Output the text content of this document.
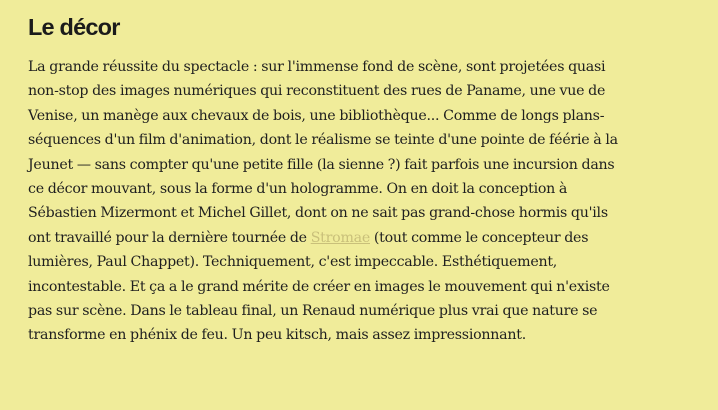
Le décor

La grande réussite du spectacle : sur l'immense fond de scène, sont projetées quasi
non-stop des images numériques qui reconstituent des rues de Paname, une vue de
Venise, un manège aux chevaux de bois, une bibliothèque... Comme de longs plans-
séquences d'un film d'animation, dont le réalisme se teinte d'une pointe de féérie à la
Jeunet — sans compter qu'une petite fille (la sienne ?) fait parfois une incursion dans
ce décor mouvant, sous la forme d'un hologramme. On en doit la conception à
Sébastien Mizermont et Michel Gillet, dont on ne sait pas grand-chose hormis qu'ils
ont travaillé pour la dernière tournée de Stromae (tout comme le concepteur des
lumières, Paul Chappet). Techniquement, c'est impeccable. Esthétiquement,
incontestable. Et ça a le grand mérite de créer en images le mouvement qui n'existe
pas sur scène. Dans le tableau final, un Renaud numérique plus vrai que nature se
transforme en phénix de feu. Un peu kitsch, mais assez impressionnant.
